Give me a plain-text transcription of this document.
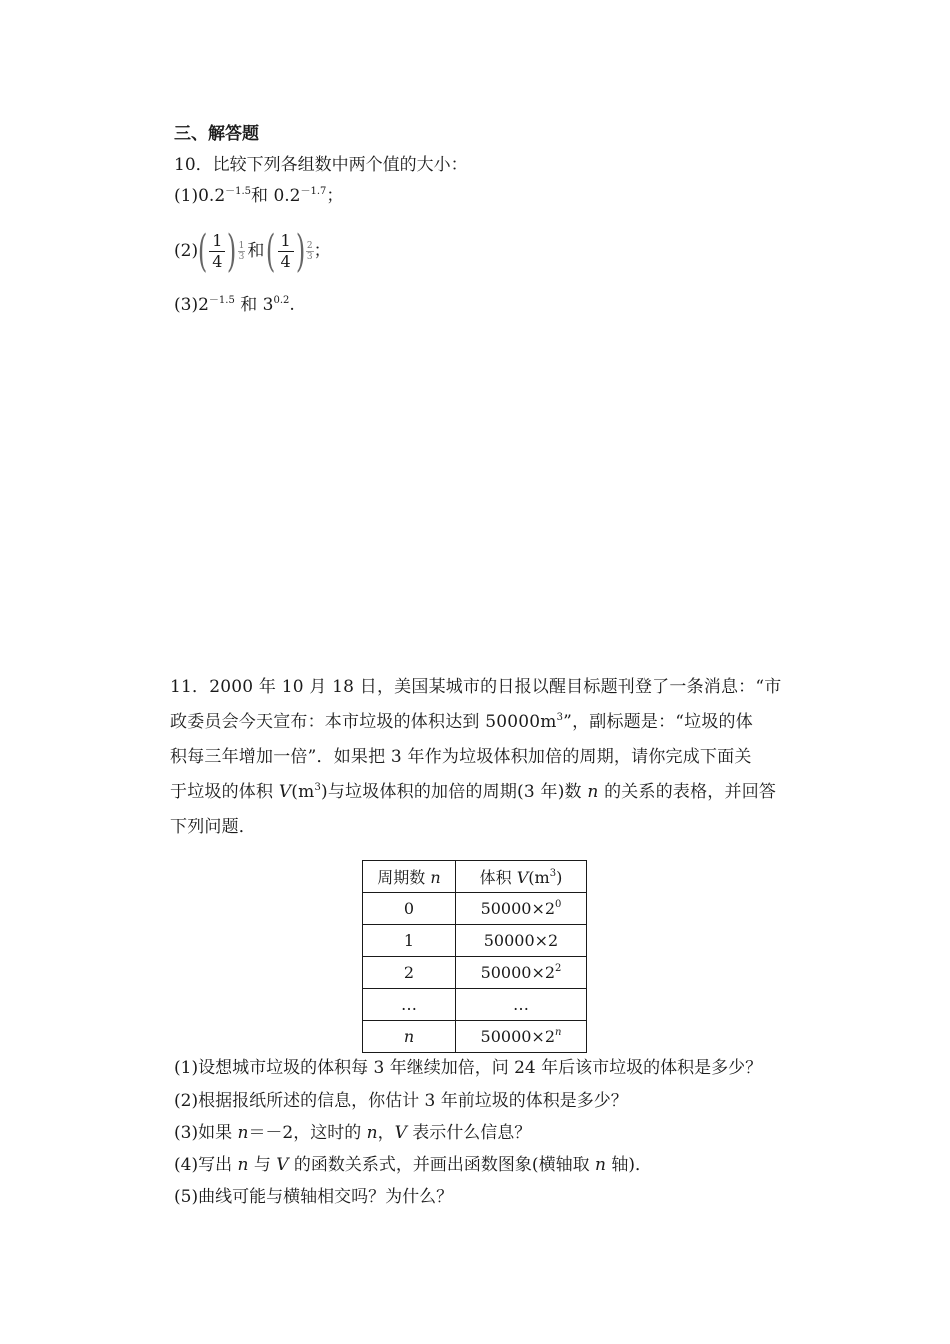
三、解答题
10．比较下列各组数中两个值的大小：
$(1)0.2^{-1.5}$和 $0.2^{-1.7}$；
(2) ( $\frac{1}{4}$ ) $\frac{1}{3}$ 和 ( $\frac{1}{4}$ ) $\frac{2}{3}$ ；
$(3)2^{-1.5}$ 和 $3^{0.2}$.
11．2000 年 10 月 18 日，美国某城市的日报以醒目标题刊登了一条消息：“市
政委员会今天宣布：本市垃圾的体积达到 $50000m^3$”，副标题是：“垃圾的体
积每三年增加一倍”．如果把 3 年作为垃圾体积加倍的周期，请你完成下面关
于垃圾的体积 $V(m^3)$与垃圾体积的加倍的周期(3 年)数 n 的关系的表格，并回答
下列问题．
周期数 n	体积 $V(m^3)$
0	$50000\times 2^0$
1	50000×2
2	$50000\times 2^2$
…	…
n	$50000\times 2^n$
(1)设想城市垃圾的体积每 3 年继续加倍，问 24 年后该市垃圾的体积是多少？
(2)根据报纸所述的信息，你估计 3 年前垃圾的体积是多少？
(3)如果 n＝－2，这时的 n，V 表示什么信息？
(4)写出 n 与 V 的函数关系式，并画出函数图象(横轴取 n 轴)．
(5)曲线可能与横轴相交吗？为什么？
